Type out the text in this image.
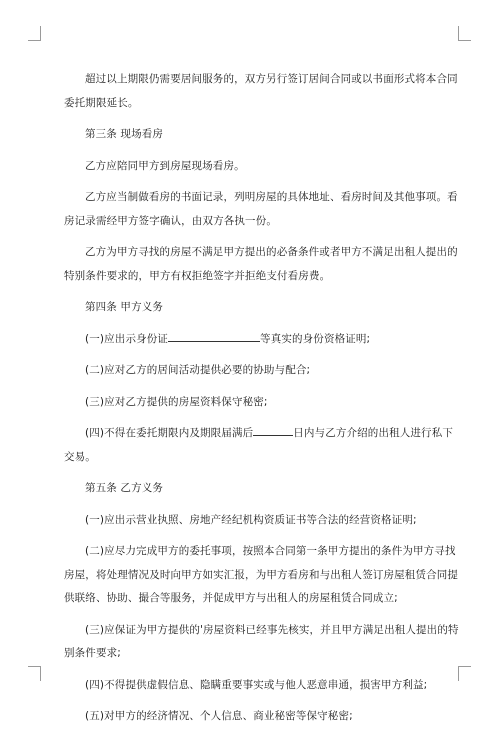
超过以上期限仍需要居间服务的，双方另行签订居间合同或以书面形式将本合同

委托期限延长。

第三条 现场看房

乙方应陪同甲方到房屋现场看房。

乙方应当制做看房的书面记录，列明房屋的具体地址、看房时间及其他事项。看

房记录需经甲方签字确认，由双方各执一份。

乙方为甲方寻找的房屋不满足甲方提出的必备条件或者甲方不满足出租人提出的

特别条件要求的，甲方有权拒绝签字并拒绝支付看房费。

第四条 甲方义务

(一)应出示身份证	等真实的身份资格证明;

(二)应对乙方的居间活动提供必要的协助与配合;

(三)应对乙方提供的房屋资料保守秘密;

(四)不得在委托期限内及期限届满后	日内与乙方介绍的出租人进行私下

交易。

第五条 乙方义务

(一)应出示营业执照、房地产经纪机构资质证书等合法的经营资格证明;

(二)应尽力完成甲方的委托事项，按照本合同第一条甲方提出的条件为甲方寻找

房屋，将处理情况及时向甲方如实汇报，为甲方看房和与出租人签订房屋租赁合同提

供联络、协助、撮合等服务，并促成甲方与出租人的房屋租赁合同成立;

(三)应保证为甲方提供的'房屋资料已经事先核实，并且甲方满足出租人提出的特

别条件要求;

(四)不得提供虚假信息、隐瞒重要事实或与他人恶意串通，损害甲方利益;

(五)对甲方的经济情况、个人信息、商业秘密等保守秘密;
